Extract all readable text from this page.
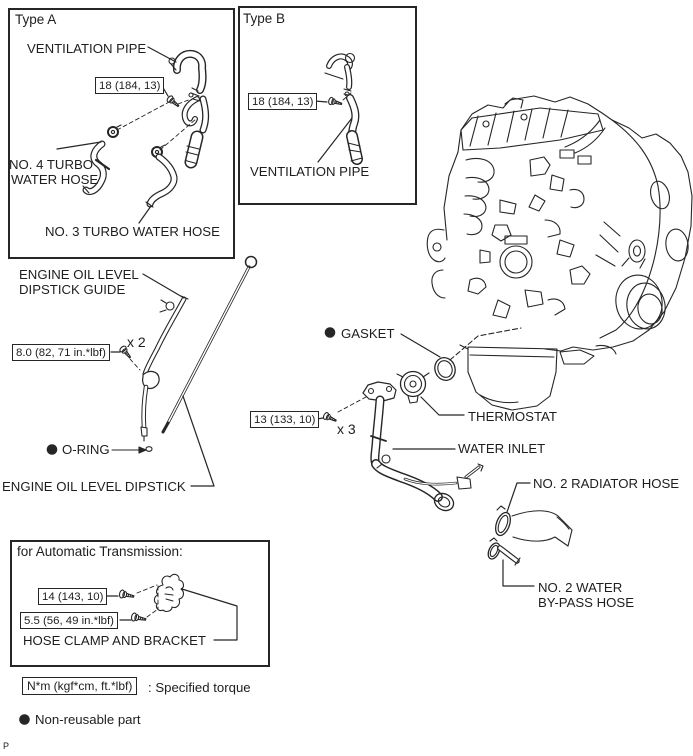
Type A
VENTILATION PIPE
18 (184, 13)
NO. 4 TURBO
WATER HOSE
NO. 3 TURBO WATER HOSE
Type B
18 (184, 13)
VENTILATION PIPE
ENGINE OIL LEVEL
DIPSTICK GUIDE
8.0 (82, 71 in.*lbf)
x 2
O-RING
ENGINE OIL LEVEL DIPSTICK
GASKET
THERMOSTAT
13 (133, 10)
x 3
WATER INLET
NO. 2 RADIATOR HOSE
NO. 2 WATER
BY-PASS HOSE
for Automatic Transmission:
14 (143, 10)
5.5 (56, 49 in.*lbf)
HOSE CLAMP AND BRACKET
N*m (kgf*cm, ft.*lbf)	: Specified torque
Non-reusable part
P
